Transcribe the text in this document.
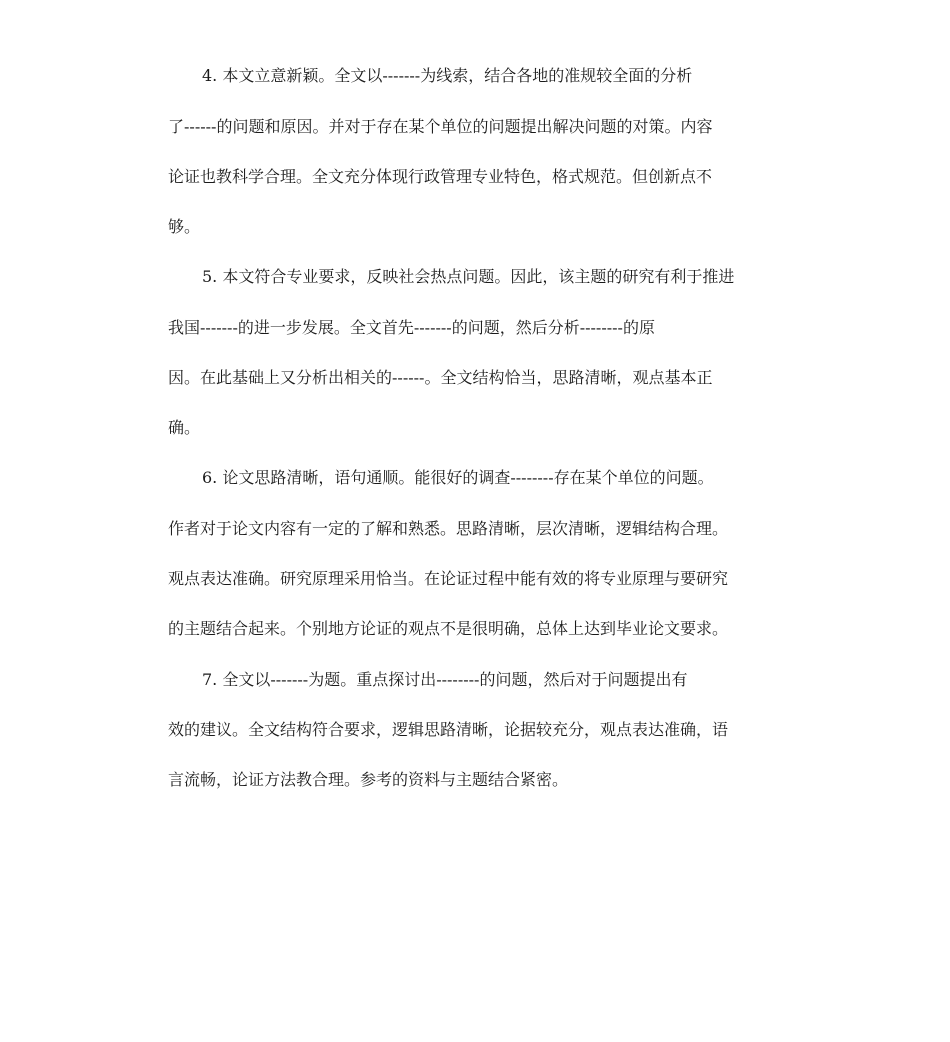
4. 本文立意新颖。全文以-------为线索，结合各地的准规较全面的分析
了------的问题和原因。并对于存在某个单位的问题提出解决问题的对策。内容
论证也教科学合理。全文充分体现行政管理专业特色，格式规范。但创新点不
够。
5. 本文符合专业要求，反映社会热点问题。因此，该主题的研究有利于推进
我国-------的进一步发展。全文首先-------的问题，然后分析--------的原
因。在此基础上又分析出相关的------。全文结构恰当，思路清晰，观点基本正
确。
6. 论文思路清晰，语句通顺。能很好的调查--------存在某个单位的问题。
作者对于论文内容有一定的了解和熟悉。思路清晰，层次清晰，逻辑结构合理。
观点表达准确。研究原理采用恰当。在论证过程中能有效的将专业原理与要研究
的主题结合起来。个别地方论证的观点不是很明确，总体上达到毕业论文要求。
7. 全文以-------为题。重点探讨出--------的问题，然后对于问题提出有
效的建议。全文结构符合要求，逻辑思路清晰，论据较充分，观点表达准确，语
言流畅，论证方法教合理。参考的资料与主题结合紧密。
